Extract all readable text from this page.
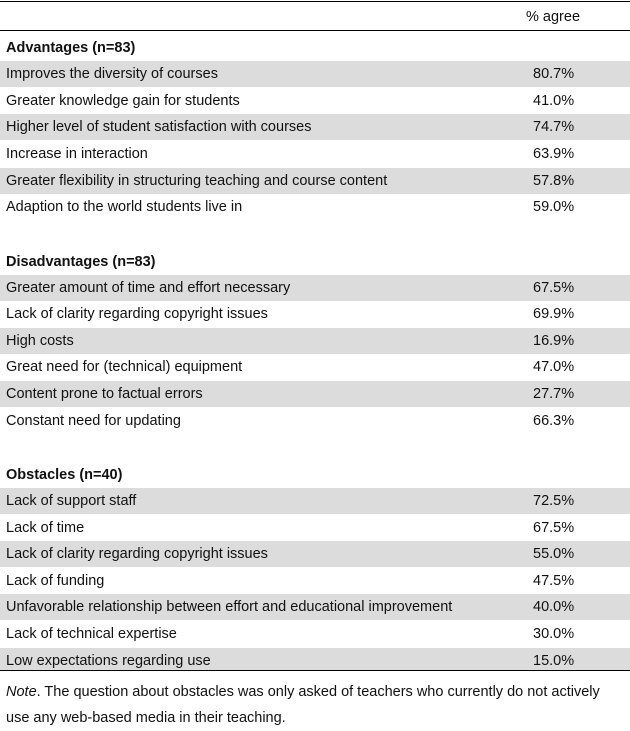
% agree
Advantages (n=83)
Improves the diversity of courses	80.7%
Greater knowledge gain for students	41.0%
Higher level of student satisfaction with courses	74.7%
Increase in interaction	63.9%
Greater flexibility in structuring teaching and course content	57.8%
Adaption to the world students live in	59.0%
Disadvantages (n=83)
Greater amount of time and effort necessary	67.5%
Lack of clarity regarding copyright issues	69.9%
High costs	16.9%
Great need for (technical) equipment	47.0%
Content prone to factual errors	27.7%
Constant need for updating	66.3%
Obstacles (n=40)
Lack of support staff	72.5%
Lack of time	67.5%
Lack of clarity regarding copyright issues	55.0%
Lack of funding	47.5%
Unfavorable relationship between effort and educational improvement	40.0%
Lack of technical expertise	30.0%
Low expectations regarding use	15.0%
Note. The question about obstacles was only asked of teachers who currently do not actively use any web-based media in their teaching.
